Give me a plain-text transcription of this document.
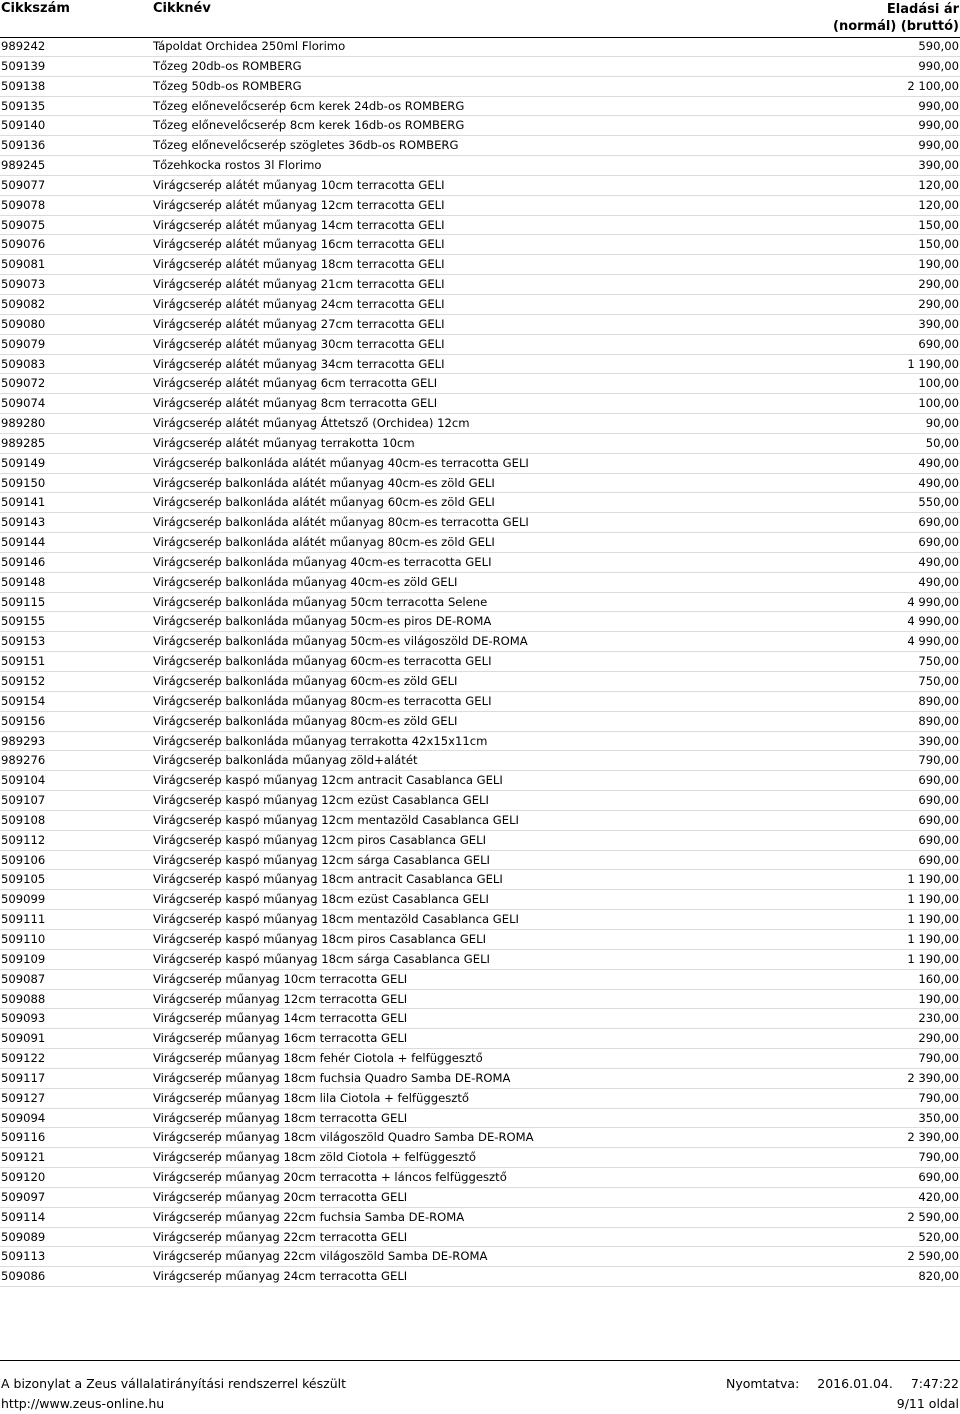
Cikkszám	Cikknév	Eladási ár
(normál) (bruttó)
989242	Tápoldat Orchidea 250ml Florimo	590,00
509139	Tőzeg 20db-os ROMBERG	990,00
509138	Tőzeg 50db-os ROMBERG	2 100,00
509135	Tőzeg előnevelőcserép 6cm kerek 24db-os ROMBERG	990,00
509140	Tőzeg előnevelőcserép 8cm kerek 16db-os ROMBERG	990,00
509136	Tőzeg előnevelőcserép szögletes 36db-os ROMBERG	990,00
989245	Tőzehkocka rostos 3l Florimo	390,00
509077	Virágcserép alátét műanyag 10cm terracotta GELI	120,00
509078	Virágcserép alátét műanyag 12cm terracotta GELI	120,00
509075	Virágcserép alátét műanyag 14cm terracotta GELI	150,00
509076	Virágcserép alátét műanyag 16cm terracotta GELI	150,00
509081	Virágcserép alátét műanyag 18cm terracotta GELI	190,00
509073	Virágcserép alátét műanyag 21cm terracotta GELI	290,00
509082	Virágcserép alátét műanyag 24cm terracotta GELI	290,00
509080	Virágcserép alátét műanyag 27cm terracotta GELI	390,00
509079	Virágcserép alátét műanyag 30cm terracotta GELI	690,00
509083	Virágcserép alátét műanyag 34cm terracotta GELI	1 190,00
509072	Virágcserép alátét műanyag 6cm terracotta GELI	100,00
509074	Virágcserép alátét műanyag 8cm terracotta GELI	100,00
989280	Virágcserép alátét műanyag Áttetsző (Orchidea) 12cm	90,00
989285	Virágcserép alátét műanyag terrakotta 10cm	50,00
509149	Virágcserép balkonláda alátét műanyag 40cm-es terracotta GELI	490,00
509150	Virágcserép balkonláda alátét műanyag 40cm-es zöld GELI	490,00
509141	Virágcserép balkonláda alátét műanyag 60cm-es zöld GELI	550,00
509143	Virágcserép balkonláda alátét műanyag 80cm-es terracotta GELI	690,00
509144	Virágcserép balkonláda alátét műanyag 80cm-es zöld GELI	690,00
509146	Virágcserép balkonláda műanyag 40cm-es terracotta GELI	490,00
509148	Virágcserép balkonláda műanyag 40cm-es zöld GELI	490,00
509115	Virágcserép balkonláda műanyag 50cm terracotta Selene	4 990,00
509155	Virágcserép balkonláda műanyag 50cm-es piros DE-ROMA	4 990,00
509153	Virágcserép balkonláda műanyag 50cm-es világoszöld DE-ROMA	4 990,00
509151	Virágcserép balkonláda műanyag 60cm-es terracotta GELI	750,00
509152	Virágcserép balkonláda műanyag 60cm-es zöld GELI	750,00
509154	Virágcserép balkonláda műanyag 80cm-es terracotta GELI	890,00
509156	Virágcserép balkonláda műanyag 80cm-es zöld GELI	890,00
989293	Virágcserép balkonláda műanyag terrakotta 42x15x11cm	390,00
989276	Virágcserép balkonláda műanyag zöld+alátét	790,00
509104	Virágcserép kaspó műanyag 12cm antracit Casablanca GELI	690,00
509107	Virágcserép kaspó műanyag 12cm ezüst Casablanca GELI	690,00
509108	Virágcserép kaspó műanyag 12cm mentazöld Casablanca GELI	690,00
509112	Virágcserép kaspó műanyag 12cm piros Casablanca GELI	690,00
509106	Virágcserép kaspó műanyag 12cm sárga Casablanca GELI	690,00
509105	Virágcserép kaspó műanyag 18cm antracit Casablanca GELI	1 190,00
509099	Virágcserép kaspó műanyag 18cm ezüst Casablanca GELI	1 190,00
509111	Virágcserép kaspó műanyag 18cm mentazöld Casablanca GELI	1 190,00
509110	Virágcserép kaspó műanyag 18cm piros Casablanca GELI	1 190,00
509109	Virágcserép kaspó műanyag 18cm sárga Casablanca GELI	1 190,00
509087	Virágcserép műanyag 10cm terracotta GELI	160,00
509088	Virágcserép műanyag 12cm terracotta GELI	190,00
509093	Virágcserép műanyag 14cm terracotta GELI	230,00
509091	Virágcserép műanyag 16cm terracotta GELI	290,00
509122	Virágcserép műanyag 18cm fehér Ciotola + felfüggesztő	790,00
509117	Virágcserép műanyag 18cm fuchsia Quadro Samba DE-ROMA	2 390,00
509127	Virágcserép műanyag 18cm lila Ciotola + felfüggesztő	790,00
509094	Virágcserép műanyag 18cm terracotta GELI	350,00
509116	Virágcserép műanyag 18cm világoszöld Quadro Samba DE-ROMA	2 390,00
509121	Virágcserép műanyag 18cm zöld Ciotola + felfüggesztő	790,00
509120	Virágcserép műanyag 20cm terracotta + láncos felfüggesztő	690,00
509097	Virágcserép műanyag 20cm terracotta GELI	420,00
509114	Virágcserép műanyag 22cm fuchsia Samba DE-ROMA	2 590,00
509089	Virágcserép műanyag 22cm terracotta GELI	520,00
509113	Virágcserép műanyag 22cm világoszöld Samba DE-ROMA	2 590,00
509086	Virágcserép műanyag 24cm terracotta GELI	820,00
A bizonylat a Zeus vállalatirányítási rendszerrel készült
http://www.zeus-online.hu
Nyomtatva: 2016.01.04. 7:47:22
9/11 oldal
